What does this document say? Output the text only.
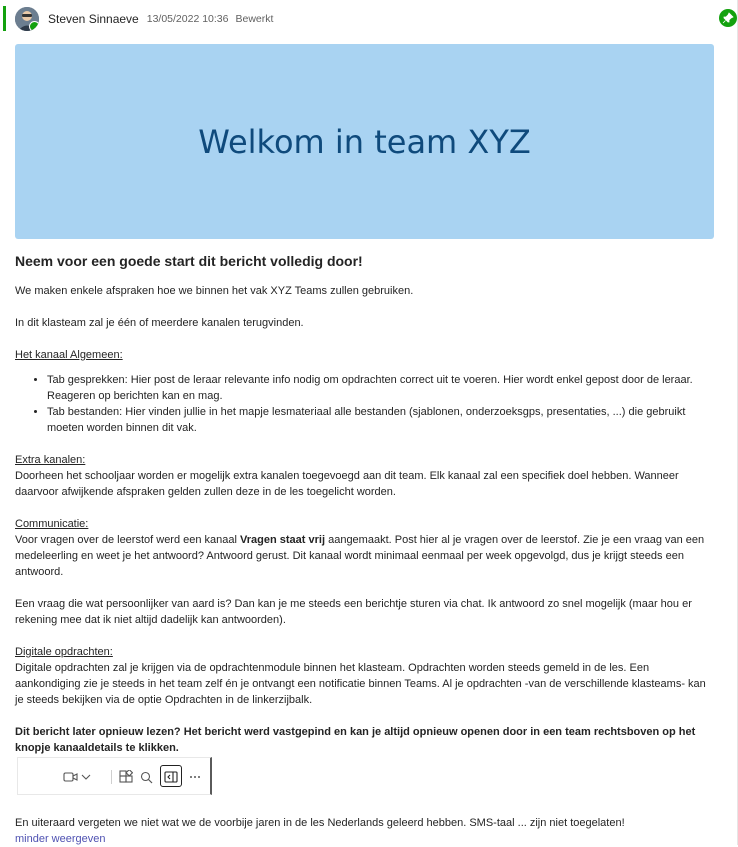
Steven Sinnaeve 13/05/2022 10:36 Bewerkt
Welkom in team XYZ
Neem voor een goede start dit bericht volledig door!

We maken enkele afspraken hoe we binnen het vak XYZ Teams zullen gebruiken.

In dit klasteam zal je één of meerdere kanalen terugvinden.

Het kanaal Algemeen:
• Tab gesprekken: Hier post de leraar relevante info nodig om opdrachten correct uit te voeren. Hier wordt enkel gepost door de leraar. Reageren op berichten kan en mag.
• Tab bestanden: Hier vinden jullie in het mapje lesmateriaal alle bestanden (sjablonen, onderzoeksgps, presentaties, ...) die gebruikt moeten worden binnen dit vak.
Extra kanalen:
Doorheen het schooljaar worden er mogelijk extra kanalen toegevoegd aan dit team. Elk kanaal zal een specifiek doel hebben. Wanneer daarvoor afwijkende afspraken gelden zullen deze in de les toegelicht worden.
Communicatie:
Voor vragen over de leerstof werd een kanaal Vragen staat vrij aangemaakt. Post hier al je vragen over de leerstof. Zie je een vraag van een medeleerling en weet je het antwoord? Antwoord gerust. Dit kanaal wordt minimaal eenmaal per week opgevolgd, dus je krijgt steeds een antwoord.

Een vraag die wat persoonlijker van aard is? Dan kan je me steeds een berichtje sturen via chat. Ik antwoord zo snel mogelijk (maar hou er rekening mee dat ik niet altijd dadelijk kan antwoorden).

Digitale opdrachten:
Digitale opdrachten zal je krijgen via de opdrachtenmodule binnen het klasteam. Opdrachten worden steeds gemeld in de les. Een aankondiging zie je steeds in het team zelf én je ontvangt een notificatie binnen Teams. Al je opdrachten -van de verschillende klasteams- kan je steeds bekijken via de optie Opdrachten in de linkerzijbalk.
Dit bericht later opnieuw lezen? Het bericht werd vastgepind en kan je altijd opnieuw openen door in een team rechtsboven op het knopje kanaaldetails te klikken.
En uiteraard vergeten we niet wat we de voorbije jaren in de les Nederlands geleerd hebben. SMS-taal ... zijn niet toegelaten!
minder weergeven
